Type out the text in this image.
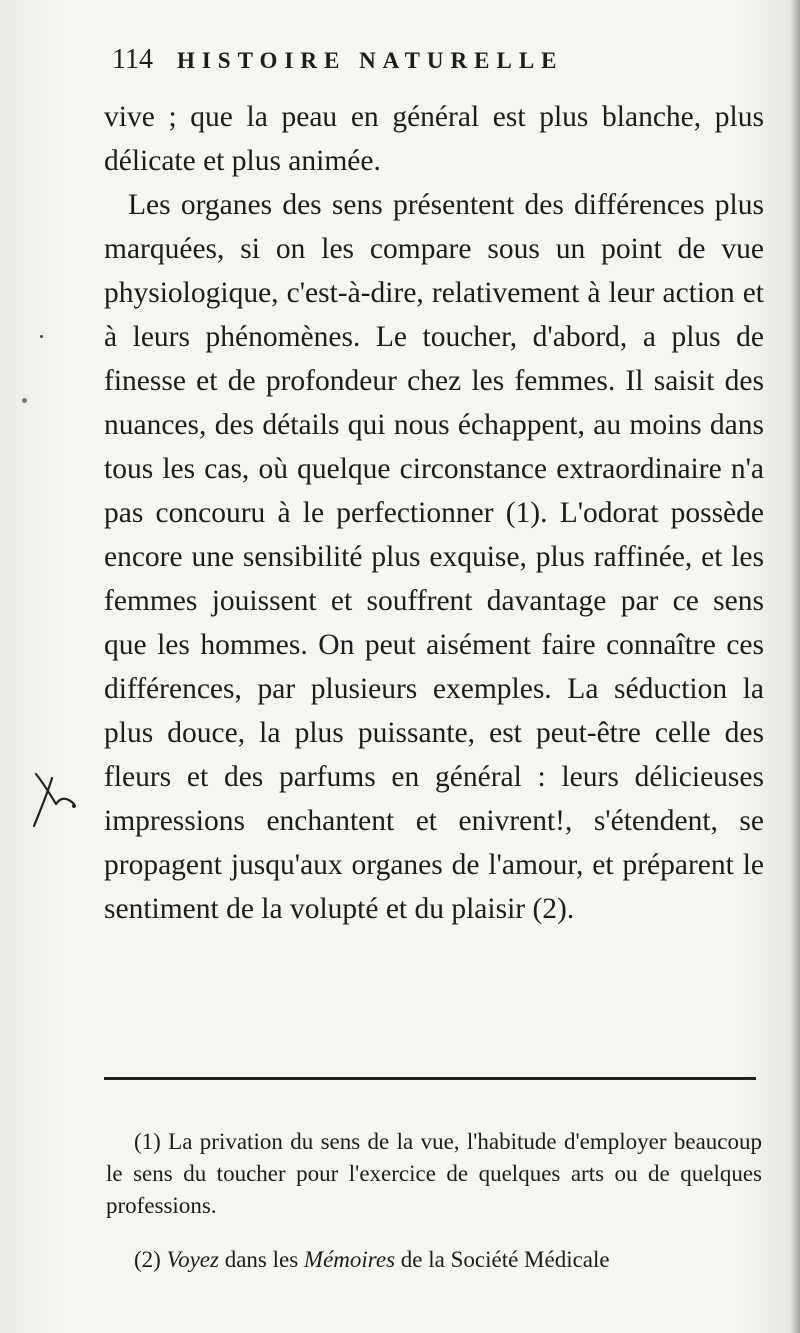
114 HISTOIRE NATURELLE

vive ; que la peau en général est plus blanche, plus délicate et plus animée.

Les organes des sens présentent des différences plus marquées, si on les compare sous un point de vue physiologique, c'est-à-dire, relativement à leur action et à leurs phénomènes. Le toucher, d'abord, a plus de finesse et de profondeur chez les femmes. Il saisit des nuances, des détails qui nous échappent, au moins dans tous les cas, où quelque circonstance extraordinaire n'a pas concouru à le perfectionner (1). L'odorat possède encore une sensibilité plus exquise, plus raffinée, et les femmes jouissent et souffrent davantage par ce sens que les hommes. On peut aisément faire connaître ces différences, par plusieurs exemples. La séduction la plus douce, la plus puissante, est peut-être celle des fleurs et des parfums en général : leurs délicieuses impressions enchantent et enivrent!, s'étendent, se propagent jusqu'aux organes de l'amour, et préparent le sentiment de la volupté et du plaisir (2).

(1) La privation du sens de la vue, l'habitude d'employer beaucoup le sens du toucher pour l'exercice de quelques arts ou de quelques professions.

(2) Voyez dans les Mémoires de la Société Médicale
